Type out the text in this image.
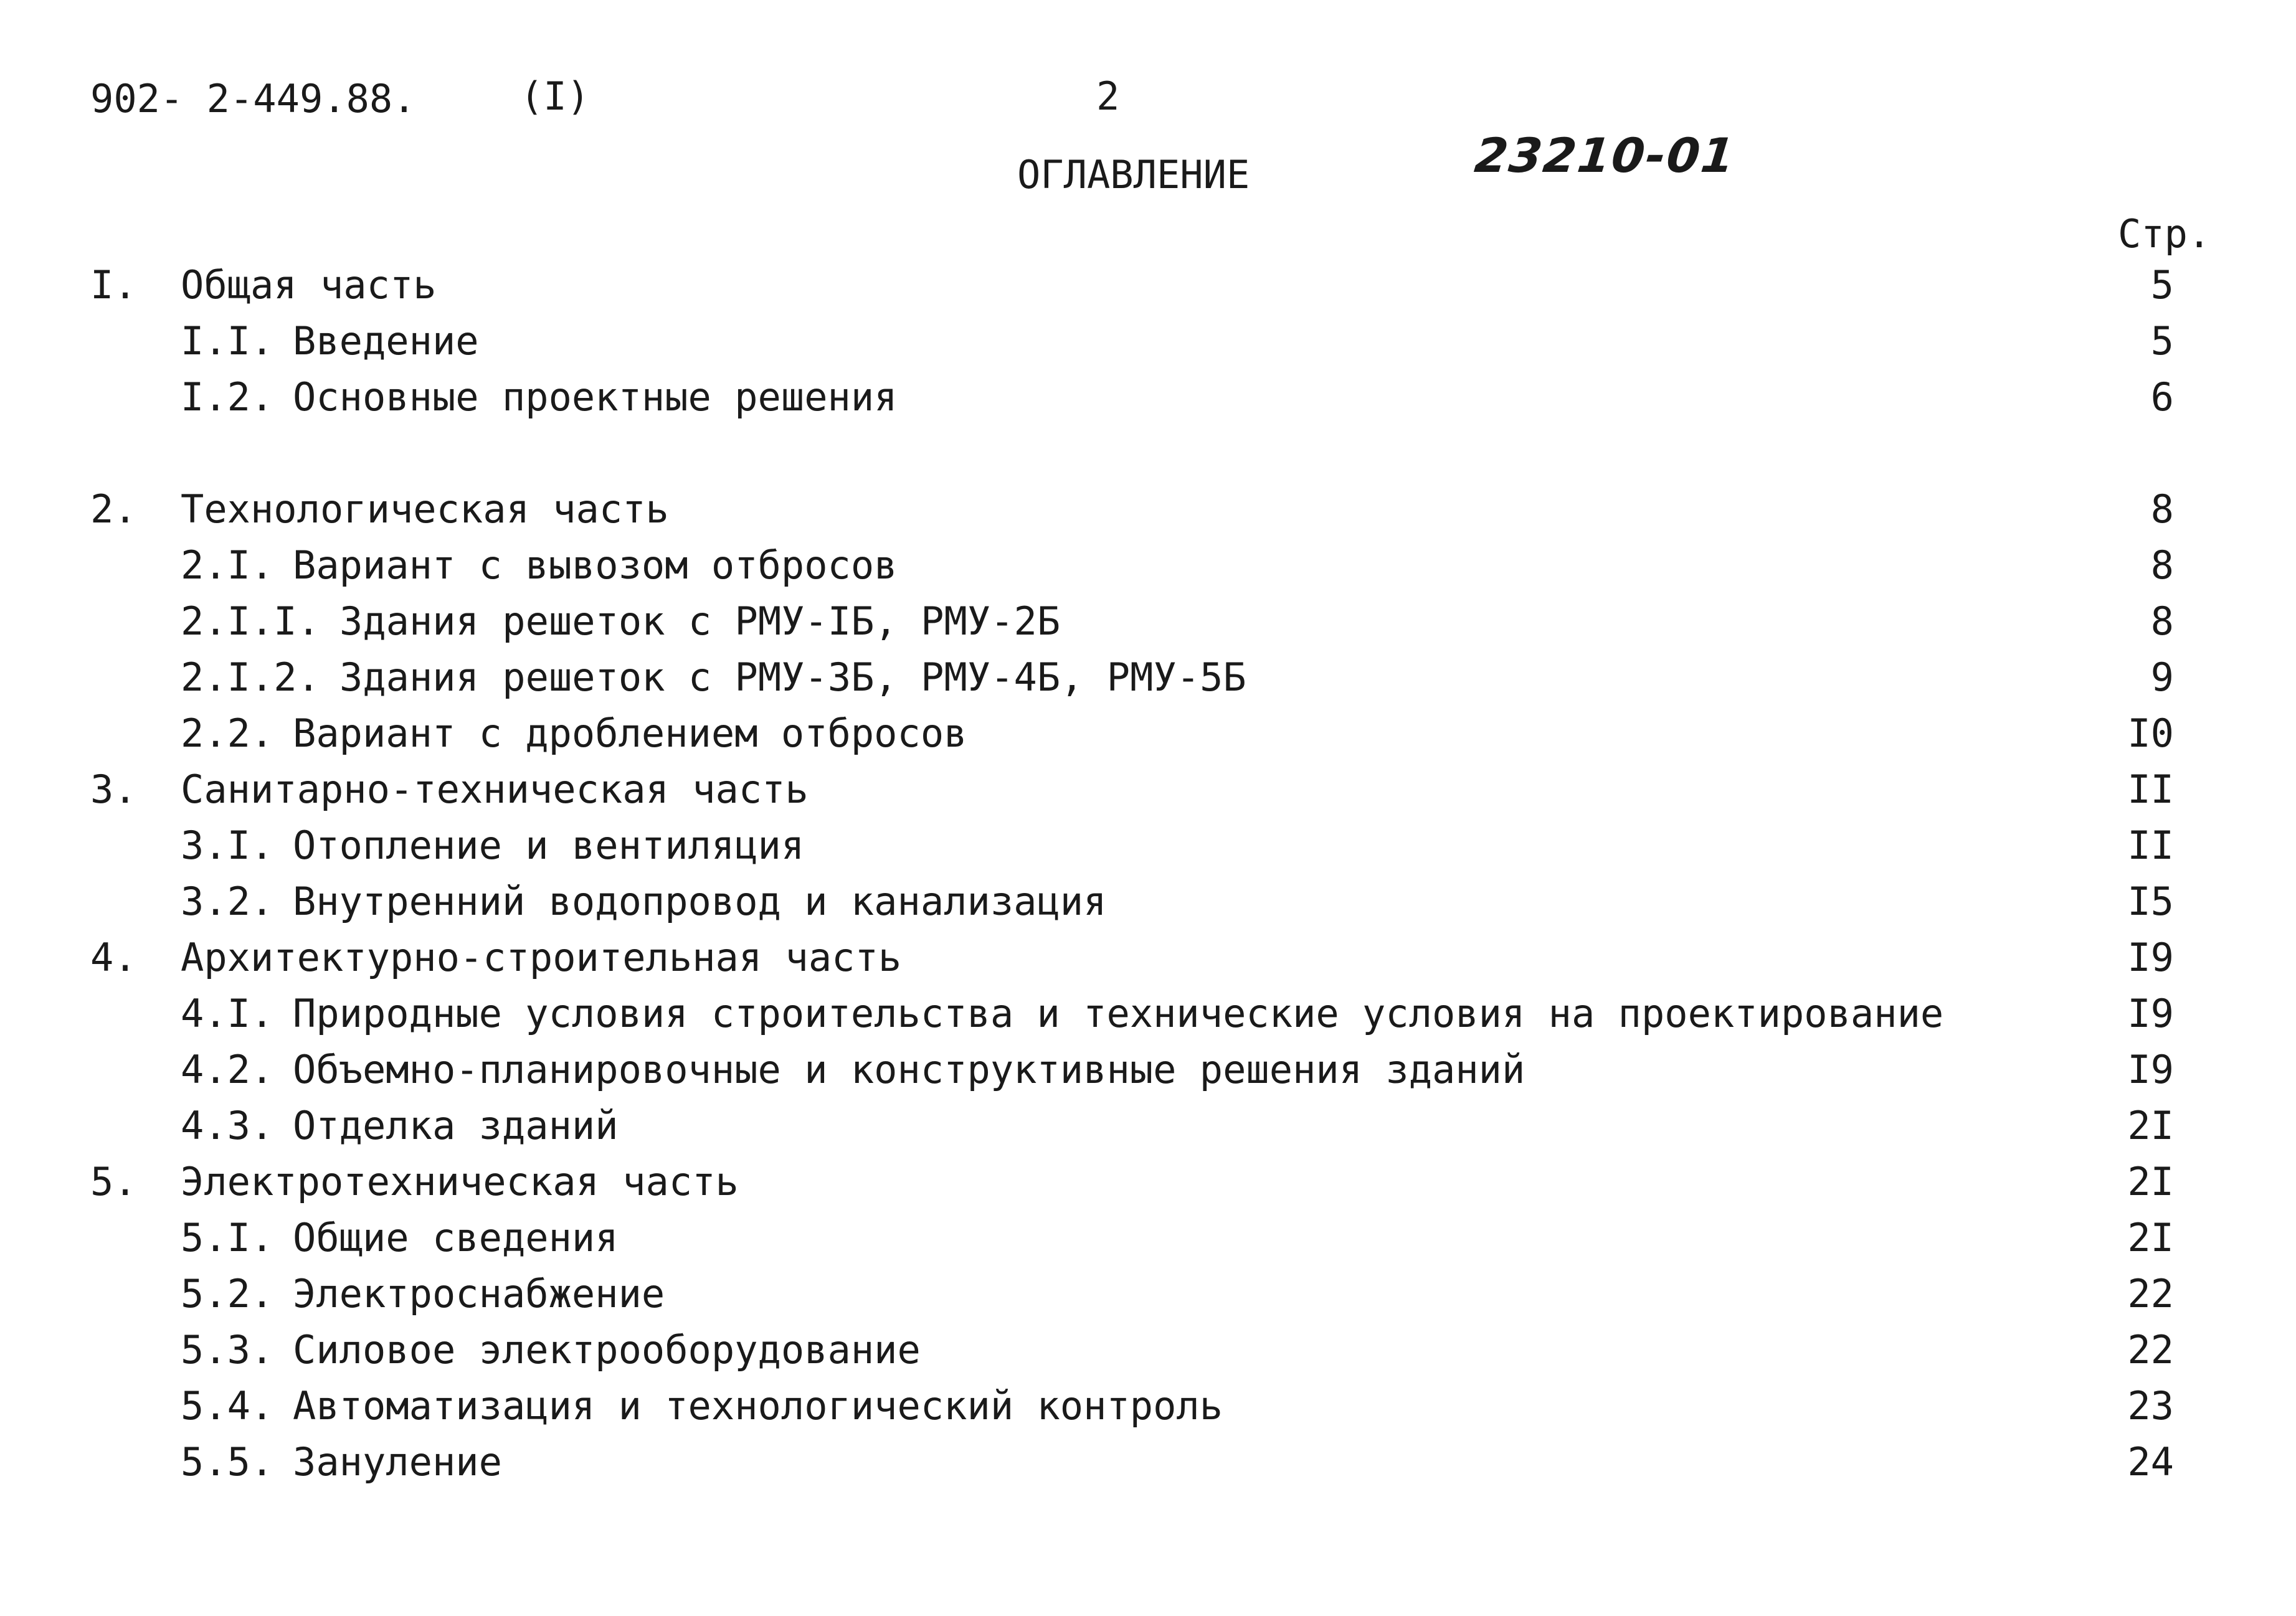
902- 2-449.88.	(I)	2
ОГЛАВЛЕНИЕ	23210-01
Стр.
I. Общая часть	5
I.I. Введение	5
I.2. Основные проектные решения	6
2. Технологическая часть	8
2.I. Вариант с вывозом отбросов	8
2.I.I. Здания решеток с РМУ-IБ, РМУ-2Б	8
2.I.2. Здания решеток с РМУ-3Б, РМУ-4Б, РМУ-5Б	9
2.2. Вариант с дроблением отбросов	I0
3. Санитарно-техническая часть	II
3.I. Отопление и вентиляция	II
3.2. Внутренний водопровод и канализация	I5
4. Архитектурно-строительная часть	I9
4.I. Природные условия строительства и технические условия на проектирование	I9
4.2. Объемно-планировочные и конструктивные решения зданий	I9
4.3. Отделка зданий	2I
5. Электротехническая часть	2I
5.I. Общие сведения	2I
5.2. Электроснабжение	22
5.3. Силовое электрооборудование	22
5.4. Автоматизация и технологический контроль	23
5.5. Зануление	24
